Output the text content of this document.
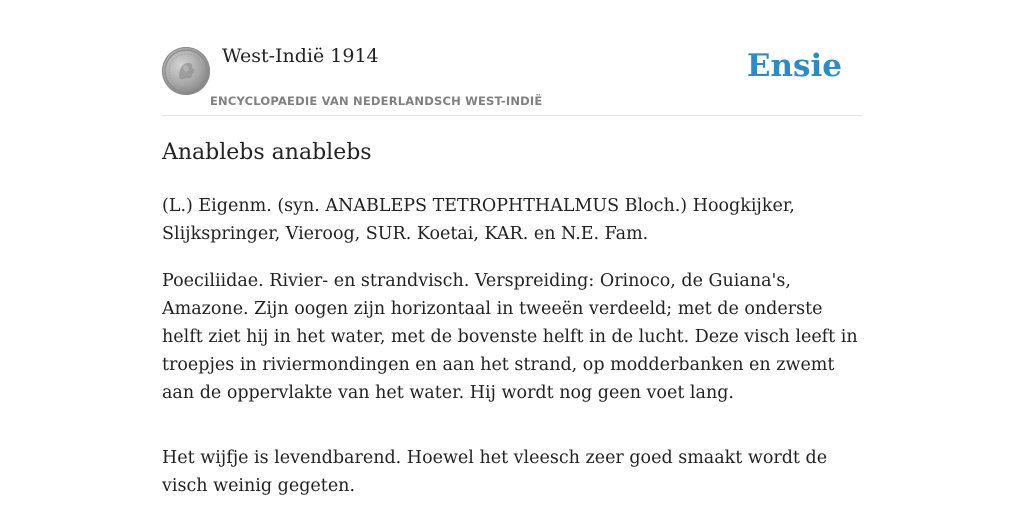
West-Indië 1914
ENCYCLOPAEDIE VAN NEDERLANDSCH WEST-INDIË
Ensie
Anablebs anablebs

(L.) Eigenm. (syn. ANABLEPS TETROPHTHALMUS Bloch.) Hoogkijker, Slijkspringer, Vieroog, SUR. Koetai, KAR. en N.E. Fam.

Poeciliidae. Rivier- en strandvisch. Verspreiding: Orinoco, de Guiana's, Amazone. Zijn oogen zijn horizontaal in tweeën verdeeld; met de onderste helft ziet hij in het water, met de bovenste helft in de lucht. Deze visch leeft in troepjes in riviermondingen en aan het strand, op modderbanken en zwemt aan de oppervlakte van het water. Hij wordt nog geen voet lang.

Het wijfje is levendbarend. Hoewel het vleesch zeer goed smaakt wordt de visch weinig gegeten.
